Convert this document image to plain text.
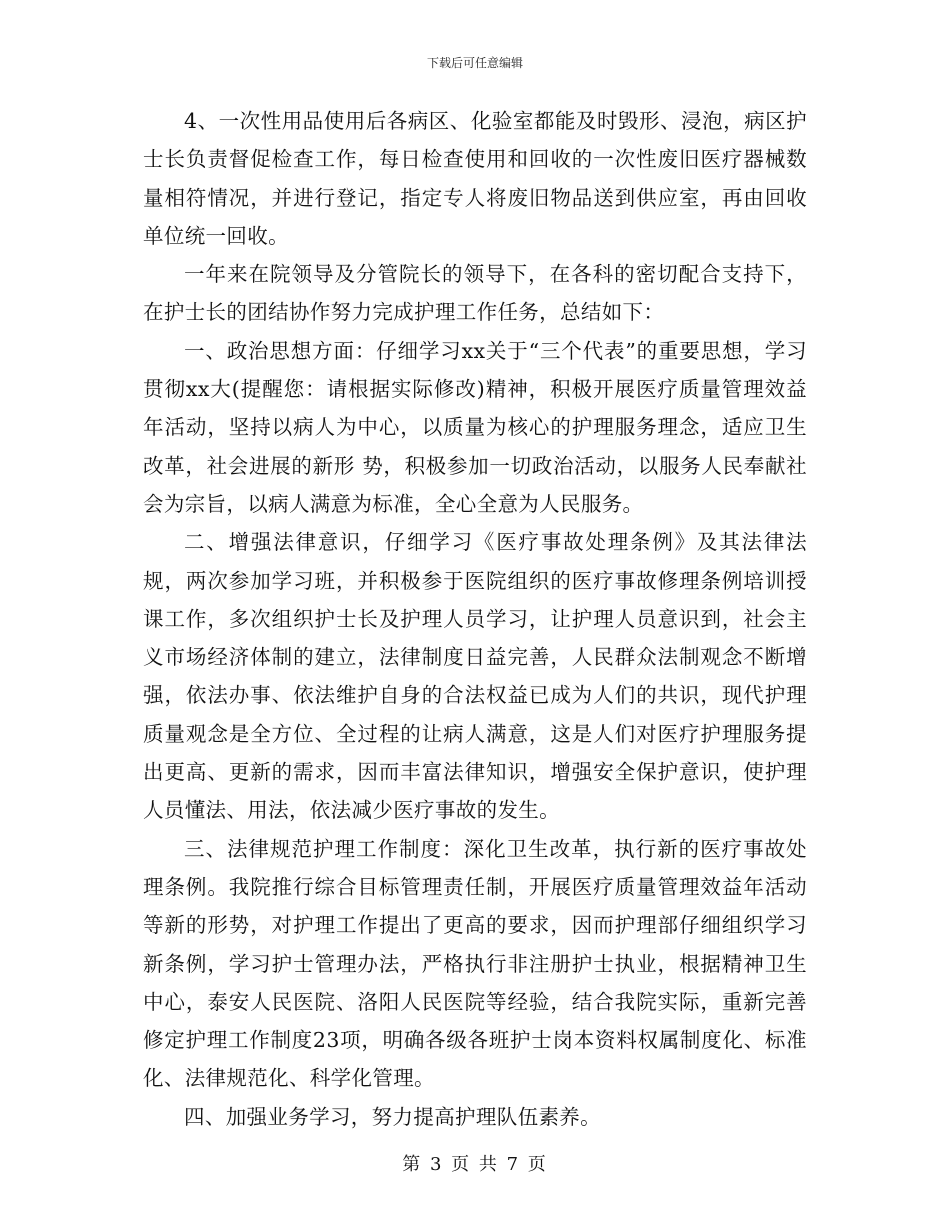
下载后可任意编辑

4、一次性用品使用后各病区、化验室都能及时毁形、浸泡，病区护士长负责督促检查工作，每日检查使用和回收的一次性废旧医疗器械数量相符情况，并进行登记，指定专人将废旧物品送到供应室，再由回收单位统一回收。

一年来在院领导及分管院长的领导下，在各科的密切配合支持下，在护士长的团结协作努力完成护理工作任务，总结如下：

一、政治思想方面：仔细学习xx关于“三个代表”的重要思想，学习贯彻xx大(提醒您：请根据实际修改)精神，积极开展医疗质量管理效益年活动，坚持以病人为中心，以质量为核心的护理服务理念，适应卫生改革，社会进展的新形 势，积极参加一切政治活动，以服务人民奉献社会为宗旨，以病人满意为标准，全心全意为人民服务。

二、增强法律意识，仔细学习《医疗事故处理条例》及其法律法规，两次参加学习班，并积极参于医院组织的医疗事故修理条例培训授课工作，多次组织护士长及护理人员学习，让护理人员意识到，社会主义市场经济体制的建立，法律制度日益完善，人民群众法制观念不断增强，依法办事、依法维护自身的合法权益已成为人们的共识，现代护理质量观念是全方位、全过程的让病人满意，这是人们对医疗护理服务提出更高、更新的需求，因而丰富法律知识，增强安全保护意识，使护理人员懂法、用法，依法减少医疗事故的发生。

三、法律规范护理工作制度：深化卫生改革，执行新的医疗事故处理条例。我院推行综合目标管理责任制，开展医疗质量管理效益年活动等新的形势，对护理工作提出了更高的要求，因而护理部仔细组织学习新条例，学习护士管理办法，严格执行非注册护士执业，根据精神卫生中心，泰安人民医院、洛阳人民医院等经验，结合我院实际，重新完善修定护理工作制度23项，明确各级各班护士岗本资料权属制度化、标准化、法律规范化、科学化管理。

四、加强业务学习，努力提高护理队伍素养。

第 3 页 共 7 页
